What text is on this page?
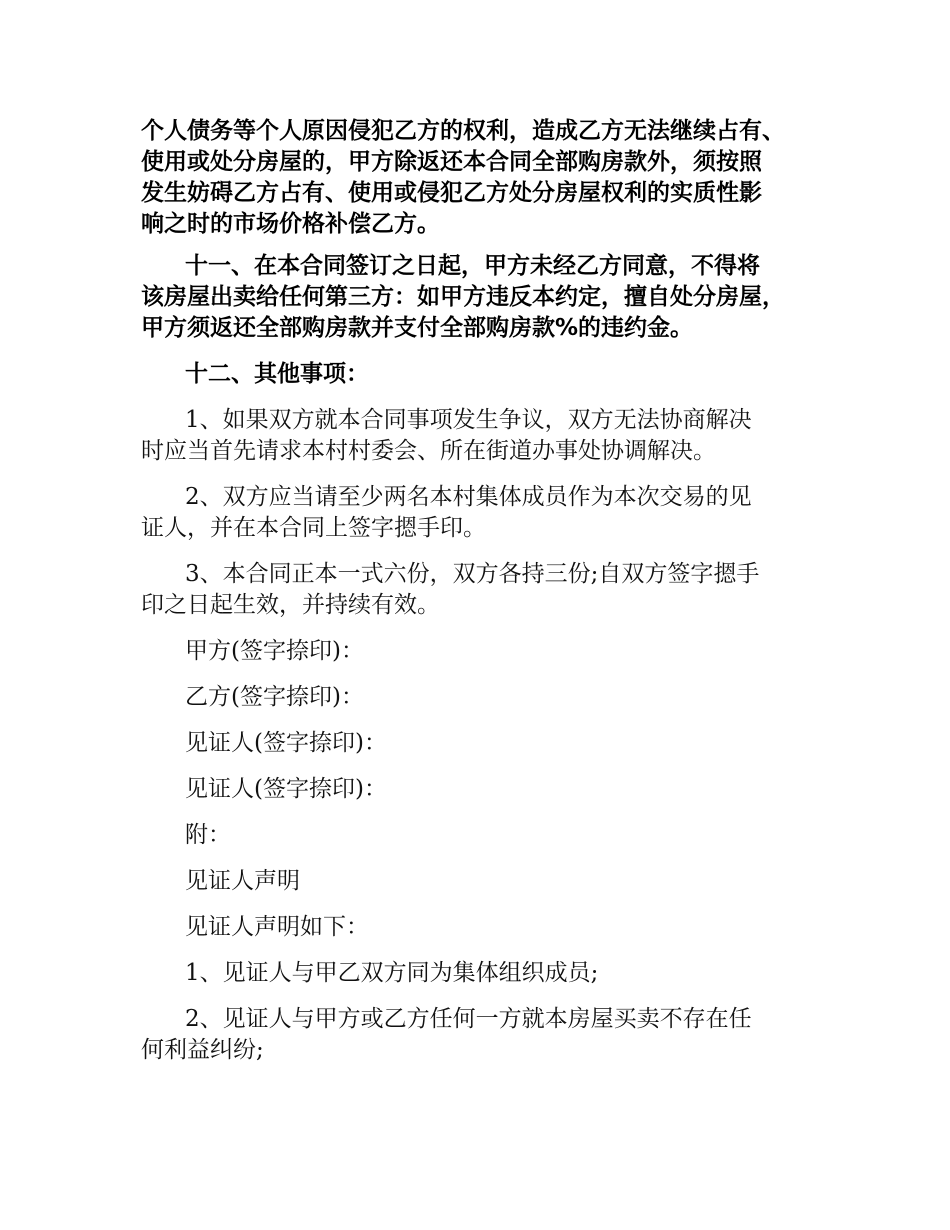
个人债务等个人原因侵犯乙方的权利，造成乙方无法继续占有、
使用或处分房屋的，甲方除返还本合同全部购房款外，须按照
发生妨碍乙方占有、使用或侵犯乙方处分房屋权利的实质性影
响之时的市场价格补偿乙方。
十一、在本合同签订之日起，甲方未经乙方同意，不得将
该房屋出卖给任何第三方：如甲方违反本约定，擅自处分房屋，
甲方须返还全部购房款并支付全部购房款%的违约金。
十二、其他事项：
1、如果双方就本合同事项发生争议，双方无法协商解决
时应当首先请求本村村委会、所在街道办事处协调解决。
2、双方应当请至少两名本村集体成员作为本次交易的见
证人，并在本合同上签字摁手印。
3、本合同正本一式六份，双方各持三份;自双方签字摁手
印之日起生效，并持续有效。
甲方(签字捺印)：
乙方(签字捺印)：
见证人(签字捺印)：
见证人(签字捺印)：
附：
见证人声明
见证人声明如下：
1、见证人与甲乙双方同为集体组织成员;
2、见证人与甲方或乙方任何一方就本房屋买卖不存在任
何利益纠纷;
